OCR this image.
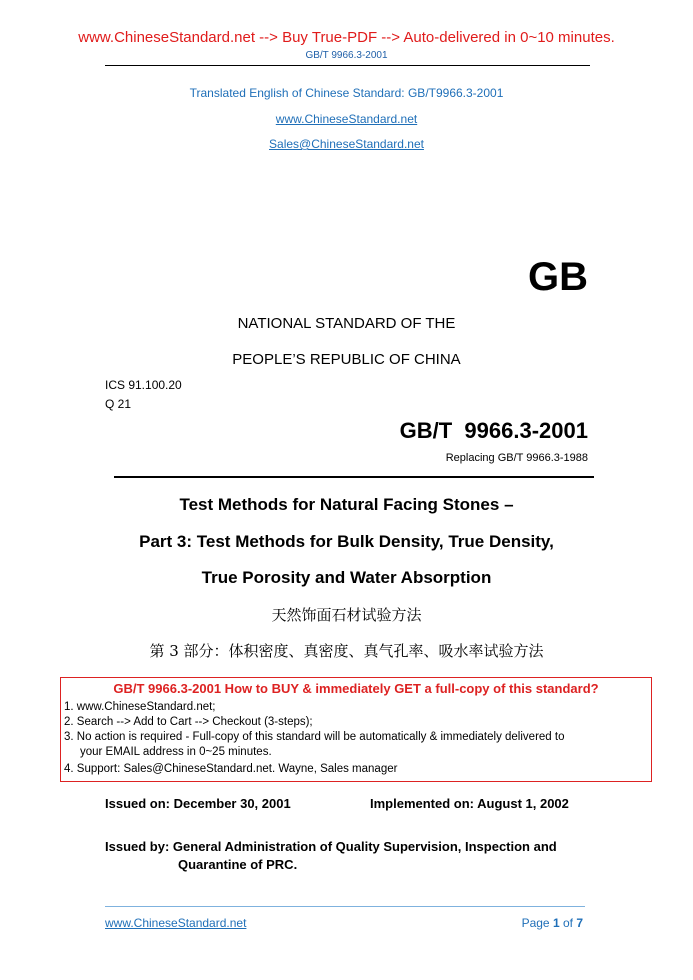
www.ChineseStandard.net --> Buy True-PDF --> Auto-delivered in 0~10 minutes.
GB/T 9966.3-2001
Translated English of Chinese Standard: GB/T9966.3-2001
www.ChineseStandard.net
Sales@ChineseStandard.net
GB
NATIONAL STANDARD OF THE
PEOPLE’S REPUBLIC OF CHINA
ICS 91.100.20
Q 21
GB/T  9966.3-2001
Replacing GB/T 9966.3-1988
Test Methods for Natural Facing Stones –
Part 3: Test Methods for Bulk Density, True Density,
True Porosity and Water Absorption
天然饰面石材试验方法
第 3 部分：体积密度、真密度、真气孔率、吸水率试验方法
GB/T 9966.3-2001 How to BUY & immediately GET a full-copy of this standard?
1. www.ChineseStandard.net;
2. Search --> Add to Cart --> Checkout (3-steps);
3. No action is required - Full-copy of this standard will be automatically & immediately delivered to
your EMAIL address in 0~25 minutes.
4. Support: Sales@ChineseStandard.net. Wayne, Sales manager
Issued on: December 30, 2001	Implemented on: August 1, 2002
Issued by: General Administration of Quality Supervision, Inspection and
Quarantine of PRC.
www.ChineseStandard.net	Page 1 of 7
